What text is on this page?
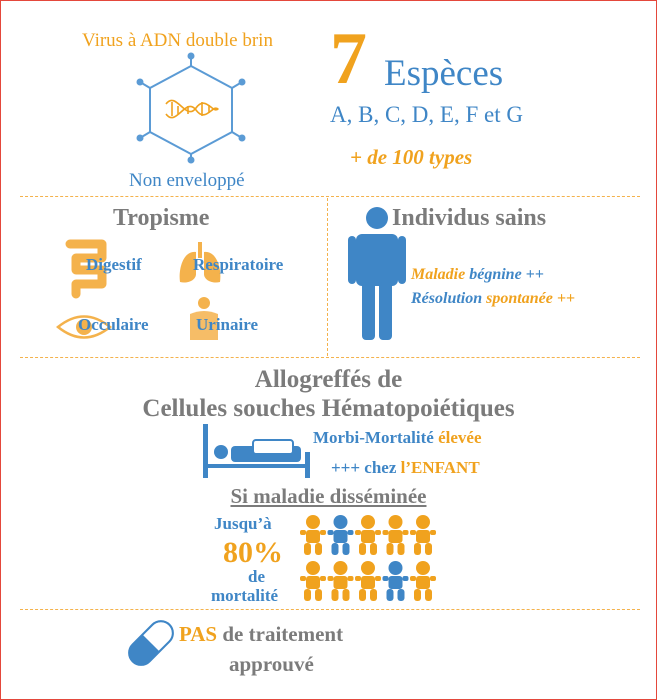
Virus à ADN double brin
Non enveloppé
7 Espèces
A, B, C, D, E, F et G
+ de 100 types
Tropisme
Digestif	Respiratoire
Occulaire	Urinaire
Individus sains
Maladie bégnine ++
Résolution spontanée ++
Allogreffés de
Cellules souches Hématopoiétiques
Morbi-Mortalité élevée
+++ chez l’ENFANT
Si maladie disséminée
Jusqu’à
80%
de
mortalité
PAS de traitement
approuvé
